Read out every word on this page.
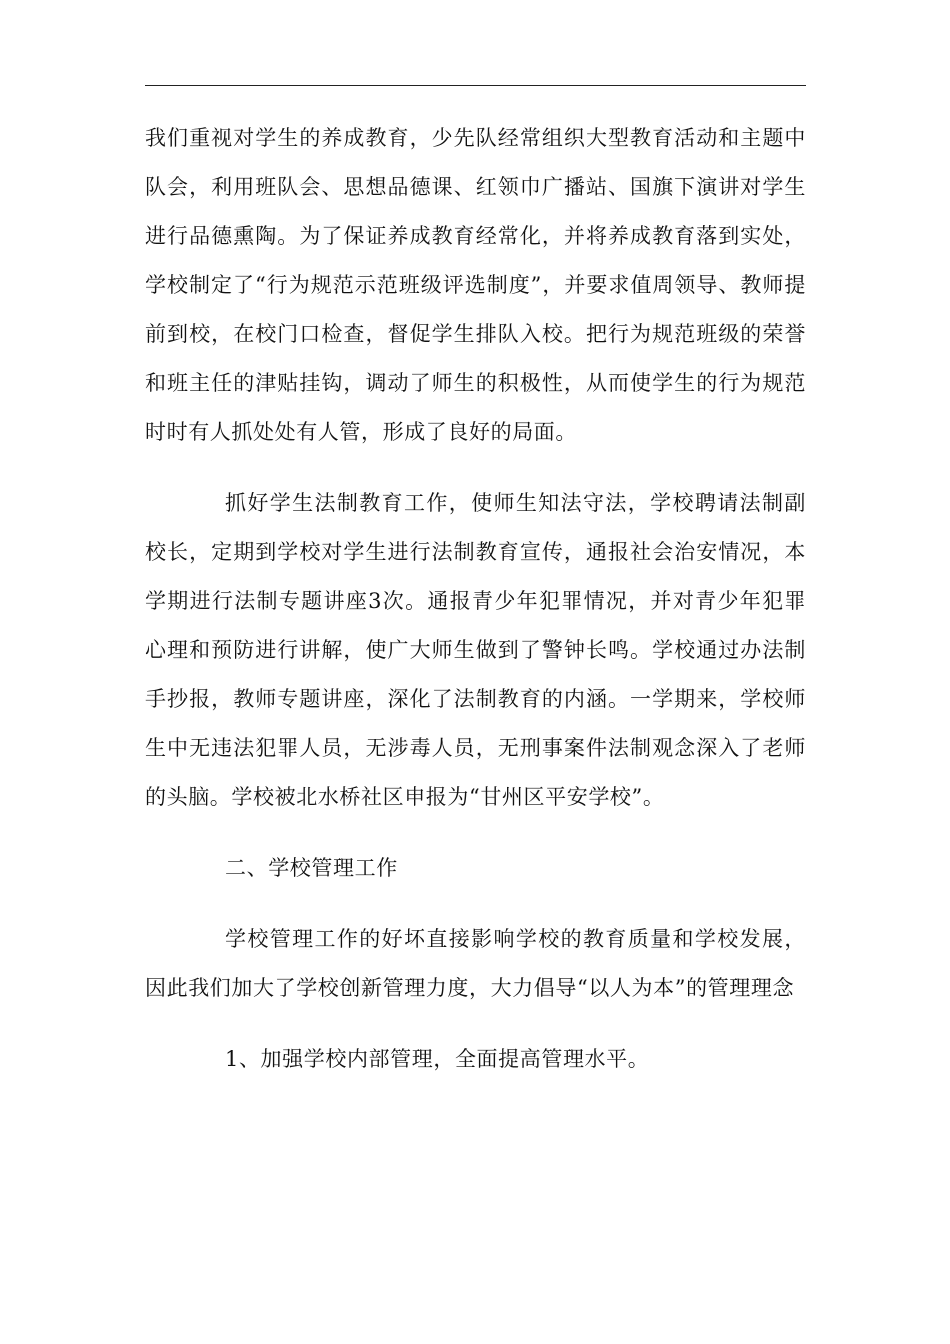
我们重视对学生的养成教育，少先队经常组织大型教育活动和主题中队会，利用班队会、思想品德课、红领巾广播站、国旗下演讲对学生进行品德熏陶。为了保证养成教育经常化，并将养成教育落到实处，学校制定了“行为规范示范班级评选制度”，并要求值周领导、教师提前到校，在校门口检查，督促学生排队入校。把行为规范班级的荣誉和班主任的津贴挂钩，调动了师生的积极性，从而使学生的行为规范时时有人抓处处有人管，形成了良好的局面。

抓好学生法制教育工作，使师生知法守法，学校聘请法制副校长，定期到学校对学生进行法制教育宣传，通报社会治安情况，本学期进行法制专题讲座3次。通报青少年犯罪情况，并对青少年犯罪心理和预防进行讲解，使广大师生做到了警钟长鸣。学校通过办法制手抄报，教师专题讲座，深化了法制教育的内涵。一学期来，学校师生中无违法犯罪人员，无涉毒人员，无刑事案件法制观念深入了老师的头脑。学校被北水桥社区申报为“甘州区平安学校”。

二、学校管理工作

学校管理工作的好坏直接影响学校的教育质量和学校发展，因此我们加大了学校创新管理力度，大力倡导“以人为本”的管理理念

1、加强学校内部管理，全面提高管理水平。
